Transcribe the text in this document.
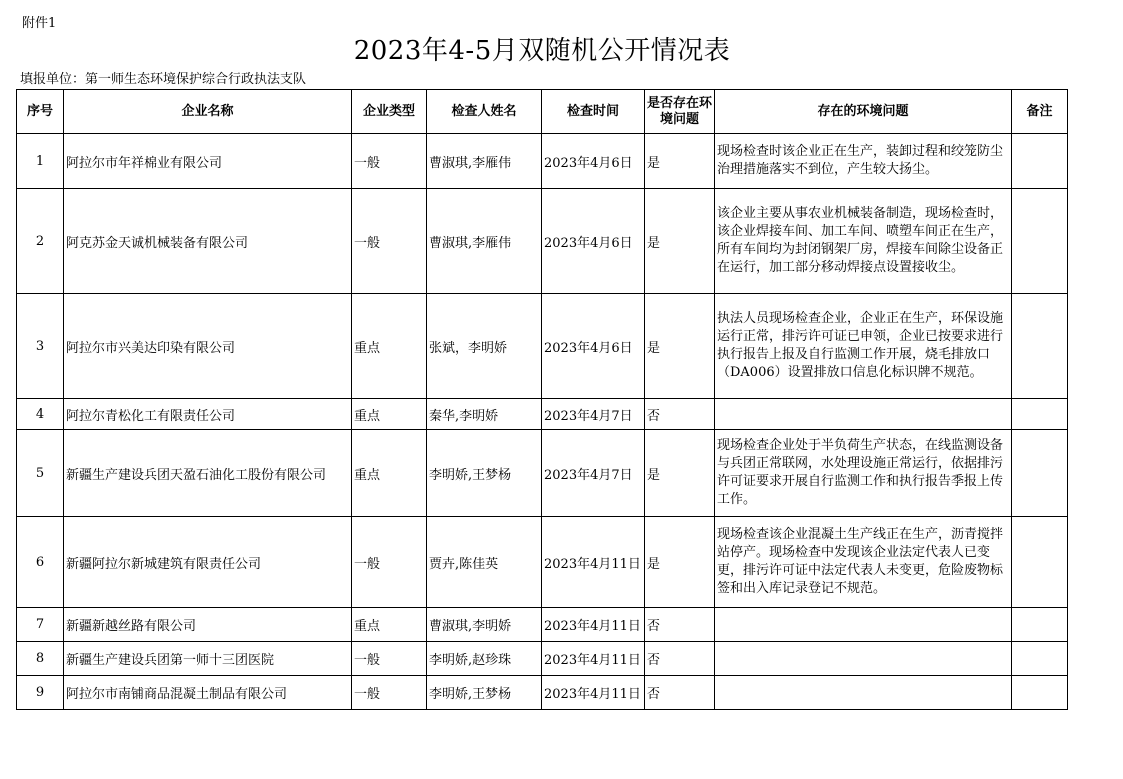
附件1
2023年4-5月双随机公开情况表
填报单位：第一师生态环境保护综合行政执法支队
序号	企业名称	企业类型	检查人姓名	检查时间	是否存在环境问题	存在的环境问题	备注
1	阿拉尔市年祥棉业有限公司	一般	曹淑琪,李雁伟	2023年4月6日	是	现场检查时该企业正在生产，装卸过程和绞笼防尘治理措施落实不到位，产生较大扬尘。	
2	阿克苏金天诚机械装备有限公司	一般	曹淑琪,李雁伟	2023年4月6日	是	该企业主要从事农业机械装备制造，现场检查时，该企业焊接车间、加工车间、喷塑车间正在生产，所有车间均为封闭钢架厂房，焊接车间除尘设备正在运行，加工部分移动焊接点设置接收尘。	
3	阿拉尔市兴美达印染有限公司	重点	张斌，李明娇	2023年4月6日	是	执法人员现场检查企业，企业正在生产，环保设施运行正常，排污许可证已申领，企业已按要求进行执行报告上报及自行监测工作开展，烧毛排放口（DA006）设置排放口信息化标识牌不规范。	
4	阿拉尔青松化工有限责任公司	重点	秦华,李明娇	2023年4月7日	否		
5	新疆生产建设兵团天盈石油化工股份有限公司	重点	李明娇,王梦杨	2023年4月7日	是	现场检查企业处于半负荷生产状态，在线监测设备与兵团正常联网，水处理设施正常运行，依据排污许可证要求开展自行监测工作和执行报告季报上传工作。	
6	新疆阿拉尔新城建筑有限责任公司	一般	贾卉,陈佳英	2023年4月11日	是	现场检查该企业混凝土生产线正在生产，沥青搅拌站停产。现场检查中发现该企业法定代表人已变更，排污许可证中法定代表人未变更，危险废物标签和出入库记录登记不规范。	
7	新疆新越丝路有限公司	重点	曹淑琪,李明娇	2023年4月11日	否		
8	新疆生产建设兵团第一师十三团医院	一般	李明娇,赵珍珠	2023年4月11日	否		
9	阿拉尔市南铺商品混凝土制品有限公司	一般	李明娇,王梦杨	2023年4月11日	否		
